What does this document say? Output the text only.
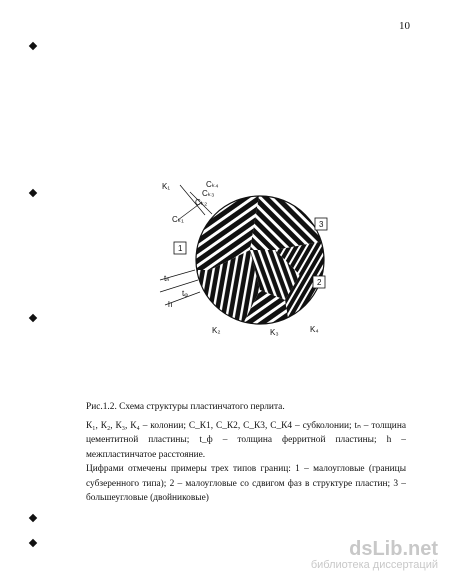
10
K₁	Cₖ₄
Cₖ₃
Cₖ₂
Cₖ₁
tₙ
tᵩ
h
K₂	K₃	K₄
1
2
3

Рис.1.2. Схема структуры пластинчатого перлита.

К₁, К₂, К₃, К₄ – колонии; С_К1, С_К2, С_К3, С_К4 – субколонии; tₙ – толщина цементитной пластины; t_ф – толщина ферритной пластины; h – межпластинчатое расстояние.

Цифрами отмечены примеры трех типов границ: 1 – малоугловые (границы субзеренного типа); 2 – малоугловые со сдвигом фаз в структуре пластин; 3 – большеугловые (двойниковые)

dsLib.net
библиотека диссертаций
